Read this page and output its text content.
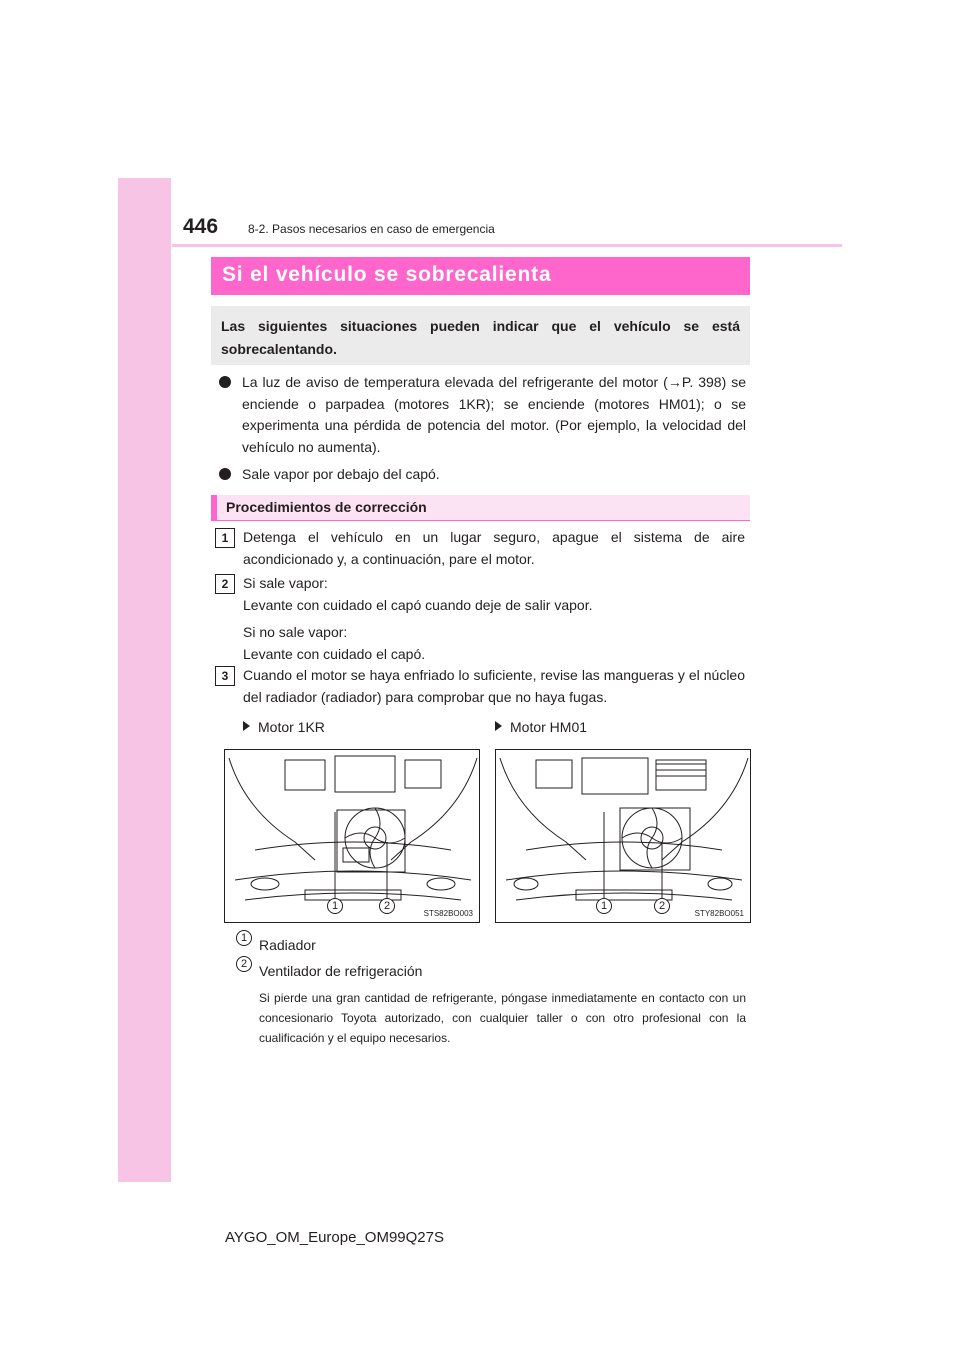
446 8-2. Pasos necesarios en caso de emergencia
Si el vehículo se sobrecalienta
Las siguientes situaciones pueden indicar que el vehículo se está sobrecalentando.
La luz de aviso de temperatura elevada del refrigerante del motor (→P. 398) se enciende o parpadea (motores 1KR); se enciende (motores HM01); o se experimenta una pérdida de potencia del motor. (Por ejemplo, la velocidad del vehículo no aumenta).
Sale vapor por debajo del capó.
Procedimientos de corrección
1	Detenga el vehículo en un lugar seguro, apague el sistema de aire acondicionado y, a continuación, pare el motor.
2	Si sale vapor:
Levante con cuidado el capó cuando deje de salir vapor.
Si no sale vapor:
Levante con cuidado el capó.
3	Cuando el motor se haya enfriado lo suficiente, revise las mangueras y el núcleo del radiador (radiador) para comprobar que no haya fugas.
Motor 1KR	Motor HM01
1	2
STS82BO003
1	2
STY82BO051
1 Radiador
2 Ventilador de refrigeración
Si pierde una gran cantidad de refrigerante, póngase inmediatamente en contacto con un concesionario Toyota autorizado, con cualquier taller o con otro profesional con la cualificación y el equipo necesarios.
AYGO_OM_Europe_OM99Q27S
